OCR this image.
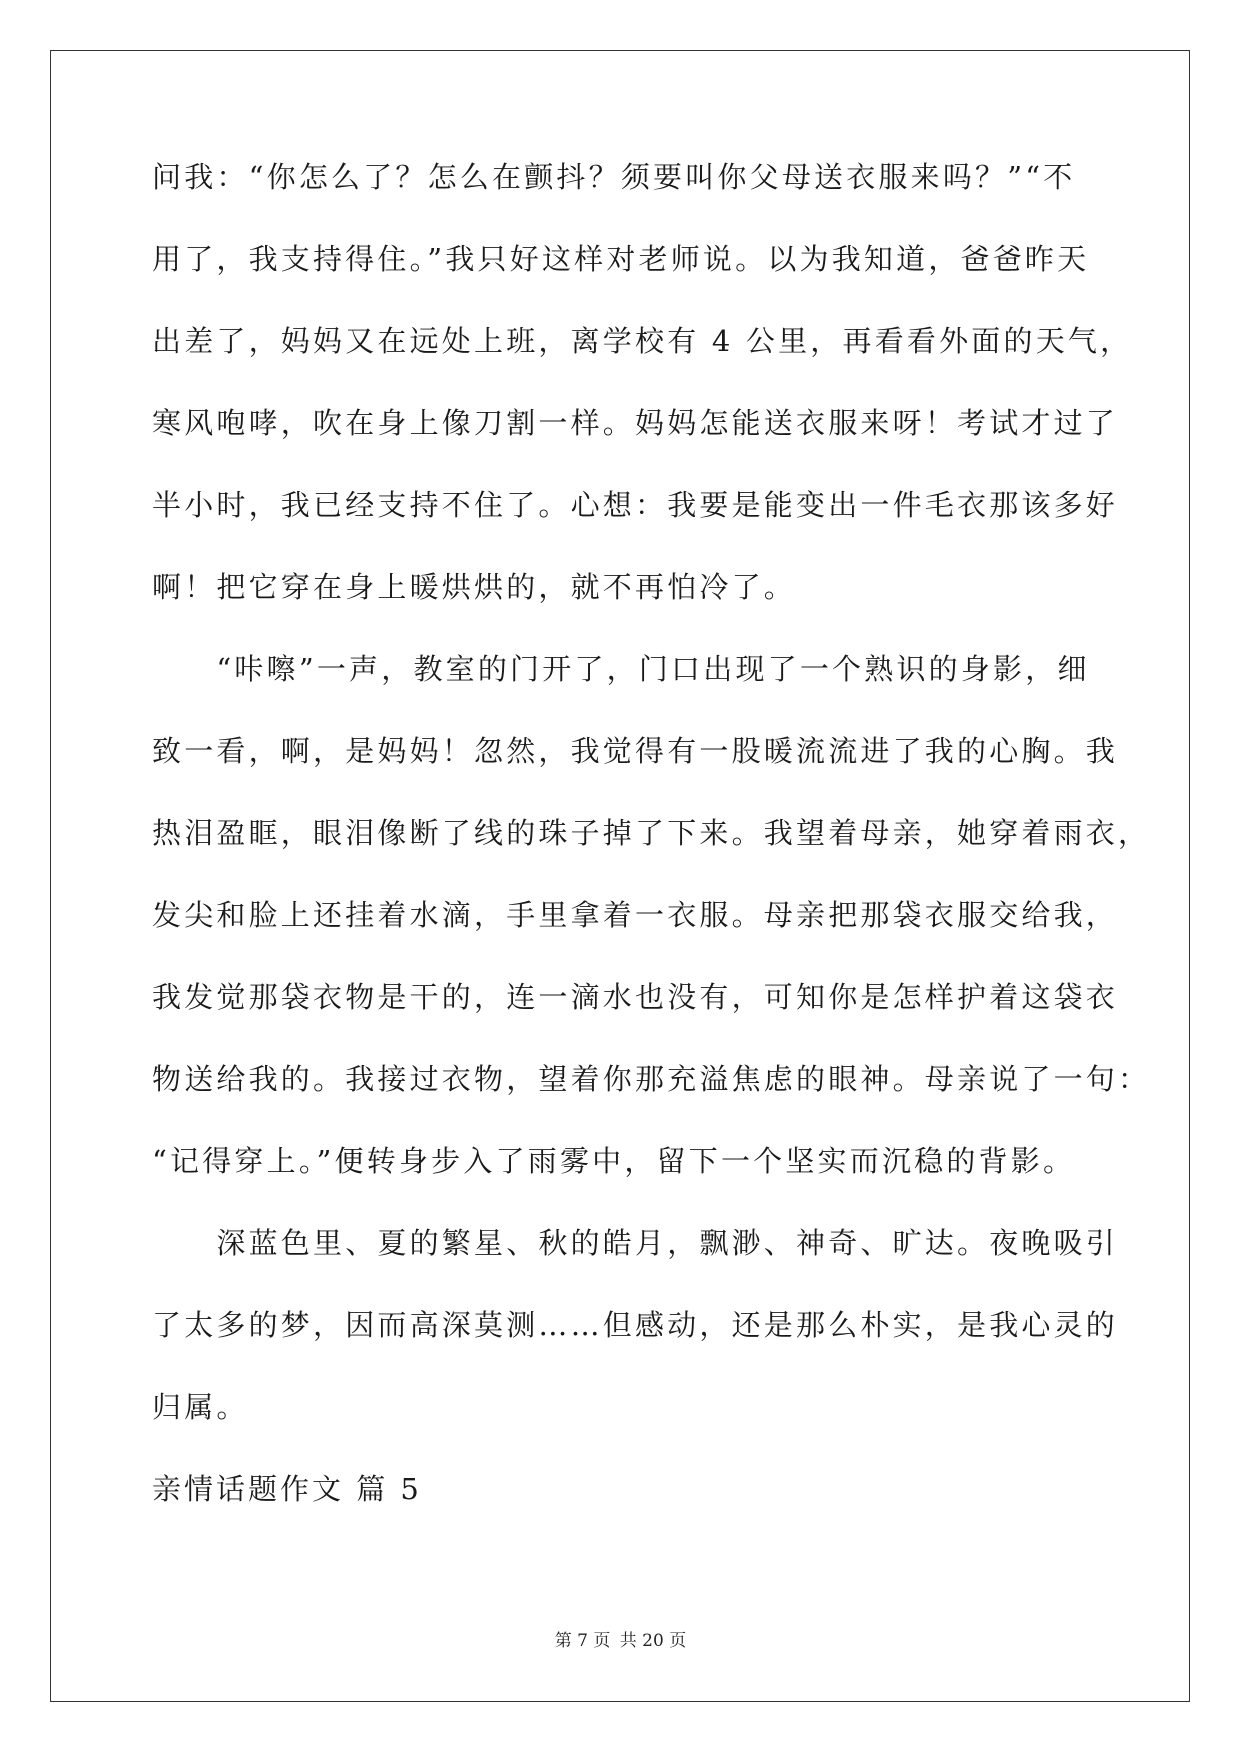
问我：“你怎么了？怎么在颤抖？须要叫你父母送衣服来吗？”“不
用了，我支持得住。”我只好这样对老师说。以为我知道，爸爸昨天
出差了，妈妈又在远处上班，离学校有 4 公里，再看看外面的天气，
寒风咆哮，吹在身上像刀割一样。妈妈怎能送衣服来呀！考试才过了
半小时，我已经支持不住了。心想：我要是能变出一件毛衣那该多好
啊！把它穿在身上暖烘烘的，就不再怕冷了。
　　“咔嚓”一声，教室的门开了，门口出现了一个熟识的身影，细
致一看，啊，是妈妈！忽然，我觉得有一股暖流流进了我的心胸。我
热泪盈眶，眼泪像断了线的珠子掉了下来。我望着母亲，她穿着雨衣，
发尖和脸上还挂着水滴，手里拿着一衣服。母亲把那袋衣服交给我，
我发觉那袋衣物是干的，连一滴水也没有，可知你是怎样护着这袋衣
物送给我的。我接过衣物，望着你那充溢焦虑的眼神。母亲说了一句：
“记得穿上。”便转身步入了雨雾中，留下一个坚实而沉稳的背影。
　　深蓝色里、夏的繁星、秋的皓月，飘渺、神奇、旷达。夜晚吸引
了太多的梦，因而高深莫测……但感动，还是那么朴实，是我心灵的
归属。
亲情话题作文 篇 5
第 7 页 共 20 页
